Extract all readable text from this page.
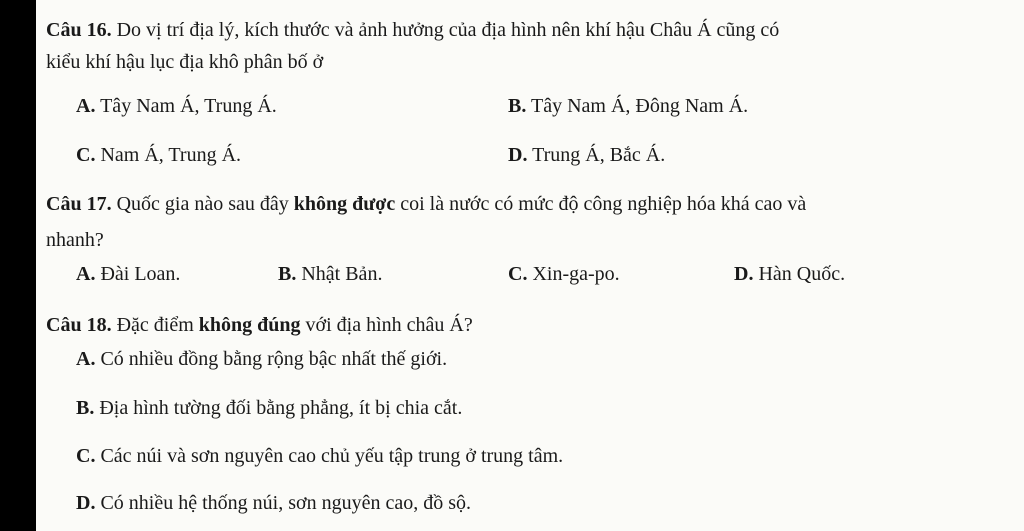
Câu 16. Do vị trí địa lý, kích thước và ảnh hưởng của địa hình nên khí hậu Châu Á cũng có
kiểu khí hậu lục địa khô phân bố ở
A. Tây Nam Á, Trung Á.	B. Tây Nam Á, Đông Nam Á.
C. Nam Á, Trung Á.	D. Trung Á, Bắc Á.
Câu 17. Quốc gia nào sau đây không được coi là nước có mức độ công nghiệp hóa khá cao và
nhanh?
A. Đài Loan.	B. Nhật Bản.	C. Xin-ga-po.	D. Hàn Quốc.
Câu 18. Đặc điểm không đúng với địa hình châu Á?
A. Có nhiều đồng bằng rộng bậc nhất thế giới.
B. Địa hình tường đối bằng phẳng, ít bị chia cắt.
C. Các núi và sơn nguyên cao chủ yếu tập trung ở trung tâm.
D. Có nhiều hệ thống núi, sơn nguyên cao, đồ sộ.
